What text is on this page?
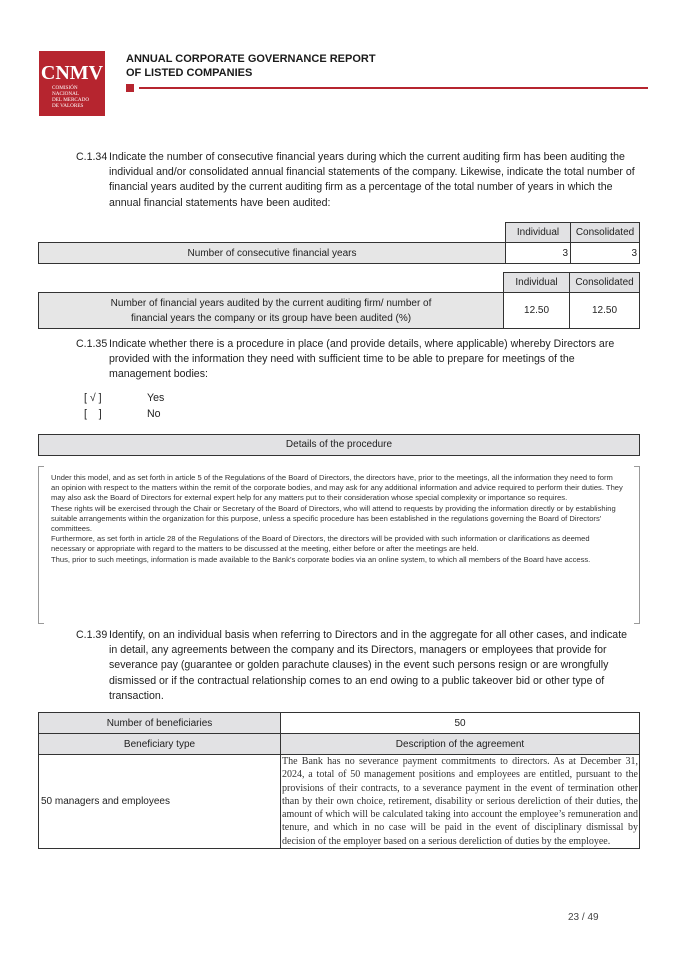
CNMV
COMISIÓN
NACIONAL
DEL MERCADO
DE VALORES
ANNUAL CORPORATE GOVERNANCE REPORT
OF LISTED COMPANIES
C.1.34 Indicate the number of consecutive financial years during which the current auditing firm has been auditing the individual and/or consolidated annual financial statements of the company. Likewise, indicate the total number of financial years audited by the current auditing firm as a percentage of the total number of years in which the annual financial statements have been audited:
	Individual	Consolidated
Number of consecutive financial years	3	3
	Individual	Consolidated

Number of financial years audited by the current auditing firm/ number of
financial years the company or its group have been audited (%)	12.50	12.50
C.1.35 Indicate whether there is a procedure in place (and provide details, where applicable) whereby Directors are provided with the information they need with sufficient time to be able to prepare for meetings of the management bodies:
[ √ ]	Yes
[    ]	No
Details of the procedure

Under this model, and as set forth in article 5 of the Regulations of the Board of Directors, the directors have, prior to the meetings, all the information they need to form an opinion with respect to the matters within the remit of the corporate bodies, and may ask for any additional information and advice required to perform their duties. They may also ask the Board of Directors for external expert help for any matters put to their consideration whose special complexity or importance so requires.

These rights will be exercised through the Chair or Secretary of the Board of Directors, who will attend to requests by providing the information directly or by establishing suitable arrangements within the organization for this purpose, unless a specific procedure has been established in the regulations governing the Board of Directors’ committees.

Furthermore, as set forth in article 28 of the Regulations of the Board of Directors, the directors will be provided with such information or clarifications as deemed necessary or appropriate with regard to the matters to be discussed at the meeting, either before or after the meetings are held.

Thus, prior to such meetings, information is made available to the Bank’s corporate bodies via an online system, to which all members of the Board have access.

C.1.39 Identify, on an individual basis when referring to Directors and in the aggregate for all other cases, and indicate in detail, any agreements between the company and its Directors, managers or employees that provide for severance pay (guarantee or golden parachute clauses) in the event such persons resign or are wrongfully dismissed or if the contractual relationship comes to an end owing to a public takeover bid or other type of transaction.
Number of beneficiaries	50
Beneficiary type	Description of the agreement
50 managers and employees	The Bank has no severance payment commitments to directors. As at December 31, 2024, a total of 50 management positions and employees are entitled, pursuant to the provisions of their contracts, to a severance payment in the event of termination other than by their own choice, retirement, disability or serious dereliction of their duties, the amount of which will be calculated taking into account the employee’s remuneration and tenure, and which in no case will be paid in the event of disciplinary dismissal by decision of the employer based on a serious dereliction of duties by the employee.
23 / 49
